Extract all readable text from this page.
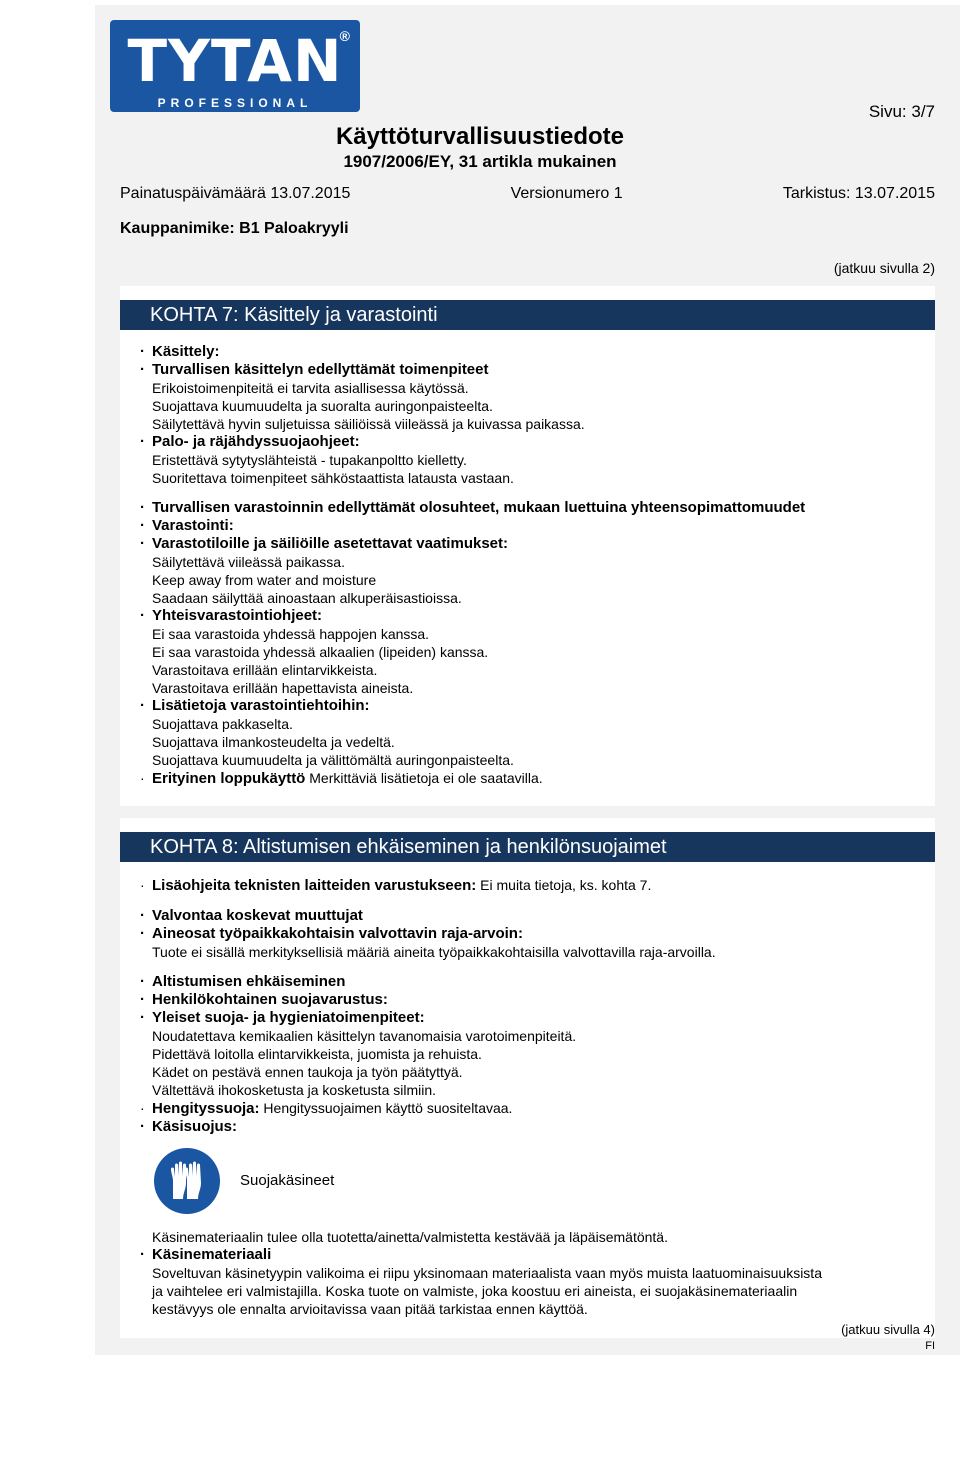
TYTAN
®
PROFESSIONAL	Sivu: 3/7
Käyttöturvallisuustiedote
1907/2006/EY, 31 artikla mukainen
Painatuspäivämäärä 13.07.2015	Versionumero 1	Tarkistus: 13.07.2015
Kauppanimike: B1 Paloakryyli
(jatkuu sivulla 2)
KOHTA 7: Käsittely ja varastointi
· Käsittely:
· Turvallisen käsittelyn edellyttämät toimenpiteet
Erikoistoimenpiteitä ei tarvita asiallisessa käytössä.
Suojattava kuumuudelta ja suoralta auringonpaisteelta.
Säilytettävä hyvin suljetuissa säiliöissä viileässä ja kuivassa paikassa.
· Palo- ja räjähdyssuojaohjeet:
Eristettävä sytytyslähteistä - tupakanpoltto kielletty.
Suoritettava toimenpiteet sähköstaattista latausta vastaan.
· Turvallisen varastoinnin edellyttämät olosuhteet, mukaan luettuina yhteensopimattomuudet
· Varastointi:
· Varastotiloille ja säiliöille asetettavat vaatimukset:
Säilytettävä viileässä paikassa.
Keep away from water and moisture
Saadaan säilyttää ainoastaan alkuperäisastioissa.
· Yhteisvarastointiohjeet:
Ei saa varastoida yhdessä happojen kanssa.
Ei saa varastoida yhdessä alkaalien (lipeiden) kanssa.
Varastoitava erillään elintarvikkeista.
Varastoitava erillään hapettavista aineista.
· Lisätietoja varastointiehtoihin:
Suojattava pakkaselta.
Suojattava ilmankosteudelta ja vedeltä.
Suojattava kuumuudelta ja välittömältä auringonpaisteelta.
· Erityinen loppukäyttö Merkittäviä lisätietoja ei ole saatavilla.
KOHTA 8: Altistumisen ehkäiseminen ja henkilönsuojaimet
· Lisäohjeita teknisten laitteiden varustukseen: Ei muita tietoja, ks. kohta 7.
· Valvontaa koskevat muuttujat
· Aineosat työpaikkakohtaisin valvottavin raja-arvoin:
Tuote ei sisällä merkityksellisiä määriä aineita työpaikkakohtaisilla valvottavilla raja-arvoilla.
· Altistumisen ehkäiseminen
· Henkilökohtainen suojavarustus:
· Yleiset suoja- ja hygieniatoimenpiteet:
Noudatettava kemikaalien käsittelyn tavanomaisia varotoimenpiteitä.
Pidettävä loitolla elintarvikkeista, juomista ja rehuista.
Kädet on pestävä ennen taukoja ja työn päätyttyä.
Vältettävä ihokosketusta ja kosketusta silmiin.
· Hengityssuoja: Hengityssuojaimen käyttö suositeltavaa.
· Käsisuojus:
Suojakäsineet
Käsinemateriaalin tulee olla tuotetta/ainetta/valmistetta kestävää ja läpäisemätöntä.
· Käsinemateriaali
Soveltuvan käsinetyypin valikoima ei riipu yksinomaan materiaalista vaan myös muista laatuominaisuuksista
ja vaihtelee eri valmistajilla. Koska tuote on valmiste, joka koostuu eri aineista, ei suojakäsinemateriaalin
kestävyys ole ennalta arvioitavissa vaan pitää tarkistaa ennen käyttöä.
(jatkuu sivulla 4)
FI
